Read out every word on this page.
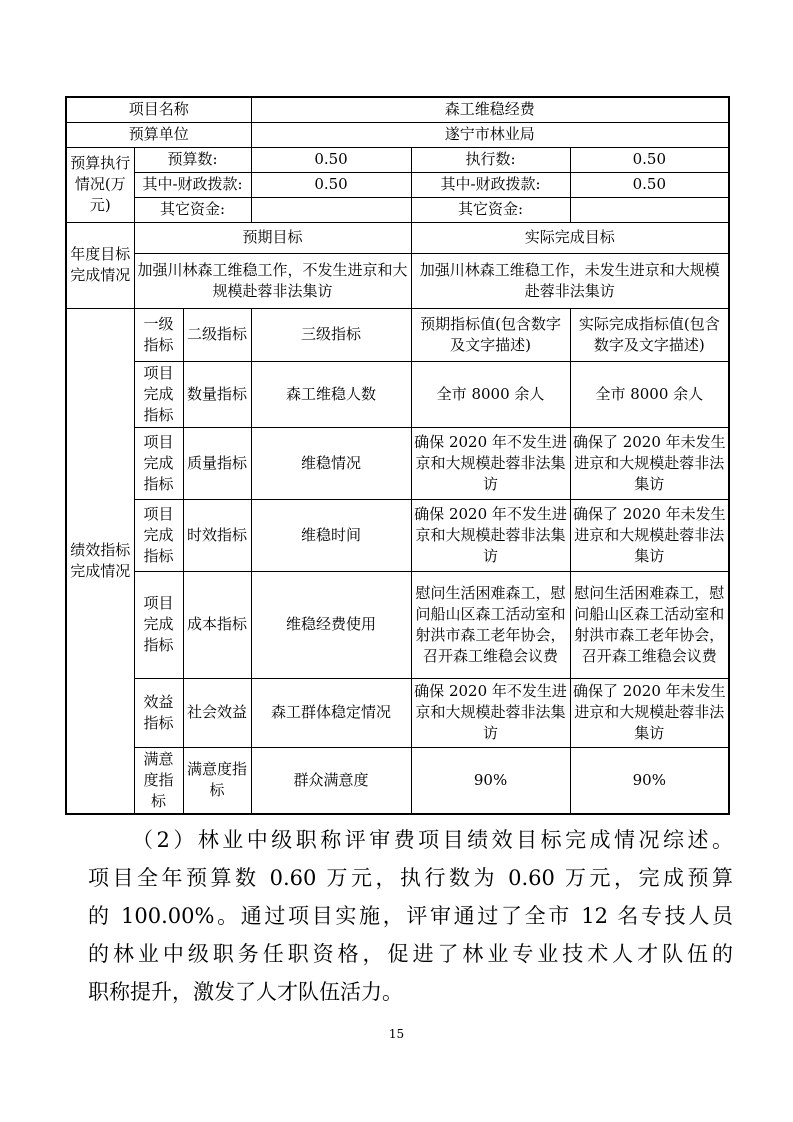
项目名称			森工维稳经费		
预算单位			遂宁市林业局		
预算执行情况(万元)	预算数:		0.50	执行数:	0.50
	其中-财政拨款:		0.50	其中-财政拨款:	0.50
	其它资金:			其它资金:	
年度目标完成情况	预期目标			实际完成目标	
	加强川林森工维稳工作，不发生进京和大规模赴蓉非法集访			加强川林森工维稳工作，未发生进京和大规模赴蓉非法集访	
绩效指标完成情况	一级指标	二级指标	三级指标	预期指标值(包含数字及文字描述)	实际完成指标值(包含数字及文字描述)
	项目完成指标	数量指标	森工维稳人数	全市 8000 余人	全市 8000 余人
	项目完成指标	质量指标	维稳情况	确保 2020 年不发生进京和大规模赴蓉非法集访	确保了 2020 年未发生进京和大规模赴蓉非法集访
	项目完成指标	时效指标	维稳时间	确保 2020 年不发生进京和大规模赴蓉非法集访	确保了 2020 年未发生进京和大规模赴蓉非法集访
	项目完成指标	成本指标	维稳经费使用	慰问生活困难森工，慰问船山区森工活动室和射洪市森工老年协会，召开森工维稳会议费	慰问生活困难森工，慰问船山区森工活动室和射洪市森工老年协会，召开森工维稳会议费
	效益指标	社会效益	森工群体稳定情况	确保 2020 年不发生进京和大规模赴蓉非法集访	确保了 2020 年未发生进京和大规模赴蓉非法集访
	满意度指标	满意度指标	群众满意度	90%	90%
（2）林业中级职称评审费项目绩效目标完成情况综述。
项目全年预算数 0.60 万元，执行数为 0.60 万元，完成预算
的 100.00%。通过项目实施，评审通过了全市 12 名专技人员
的林业中级职务任职资格，促进了林业专业技术人才队伍的
职称提升，激发了人才队伍活力。
15
